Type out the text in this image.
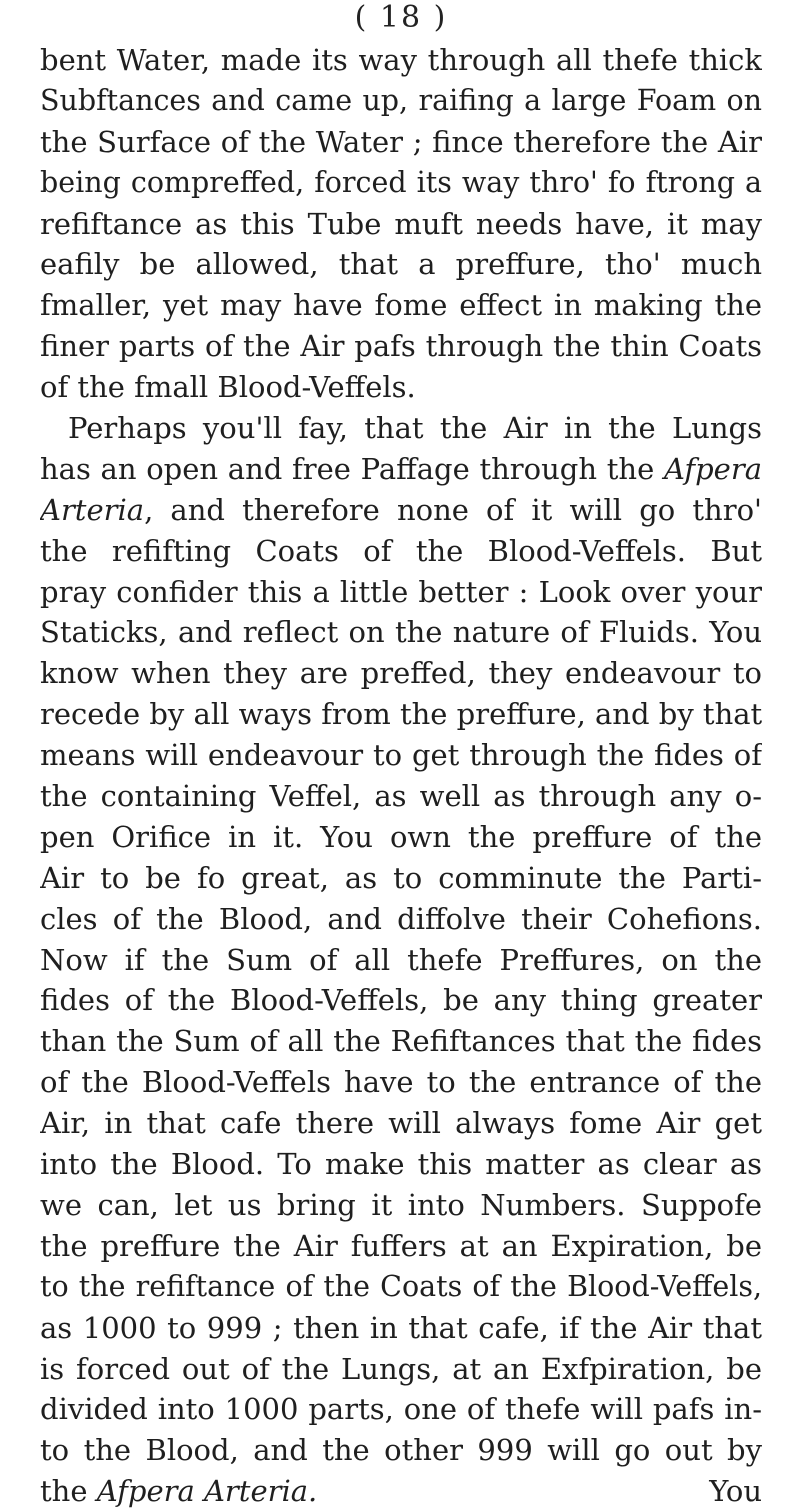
( 18 )
bent Water, made its way through all thefe thick
Subftances and came up, raifing a large Foam on
the Surface of the Water ; fince therefore the Air
being compreffed, forced its way thro' fo ftrong a
refiftance as this Tube muft needs have, it may
eafily be allowed, that a preffure, tho' much
fmaller, yet may have fome effect in making the
finer parts of the Air pafs through the thin Coats
of the fmall Blood-Veffels.
Perhaps you'll fay, that the Air in the Lungs
has an open and free Paffage through the Afpera
Arteria, and therefore none of it will go thro'
the refifting Coats of the Blood-Veffels. But
pray confider this a little better : Look over your
Staticks, and reflect on the nature of Fluids. You
know when they are preffed, they endeavour to
recede by all ways from the preffure, and by that
means will endeavour to get through the fides of
the containing Veffel, as well as through any o-
pen Orifice in it. You own the preffure of the
Air to be fo great, as to comminute the Parti-
cles of the Blood, and diffolve their Cohefions.
Now if the Sum of all thefe Preffures, on the
fides of the Blood-Veffels, be any thing greater
than the Sum of all the Refiftances that the fides
of the Blood-Veffels have to the entrance of the
Air, in that cafe there will always fome Air get
into the Blood. To make this matter as clear as
we can, let us bring it into Numbers. Suppofe
the preffure the Air fuffers at an Expiration, be
to the refiftance of the Coats of the Blood-Veffels,
as 1000 to 999 ; then in that cafe, if the Air that
is forced out of the Lungs, at an Exfpiration, be
divided into 1000 parts, one of thefe will pafs in-
to the Blood, and the other 999 will go out by
the Afpera Arteria.	You
